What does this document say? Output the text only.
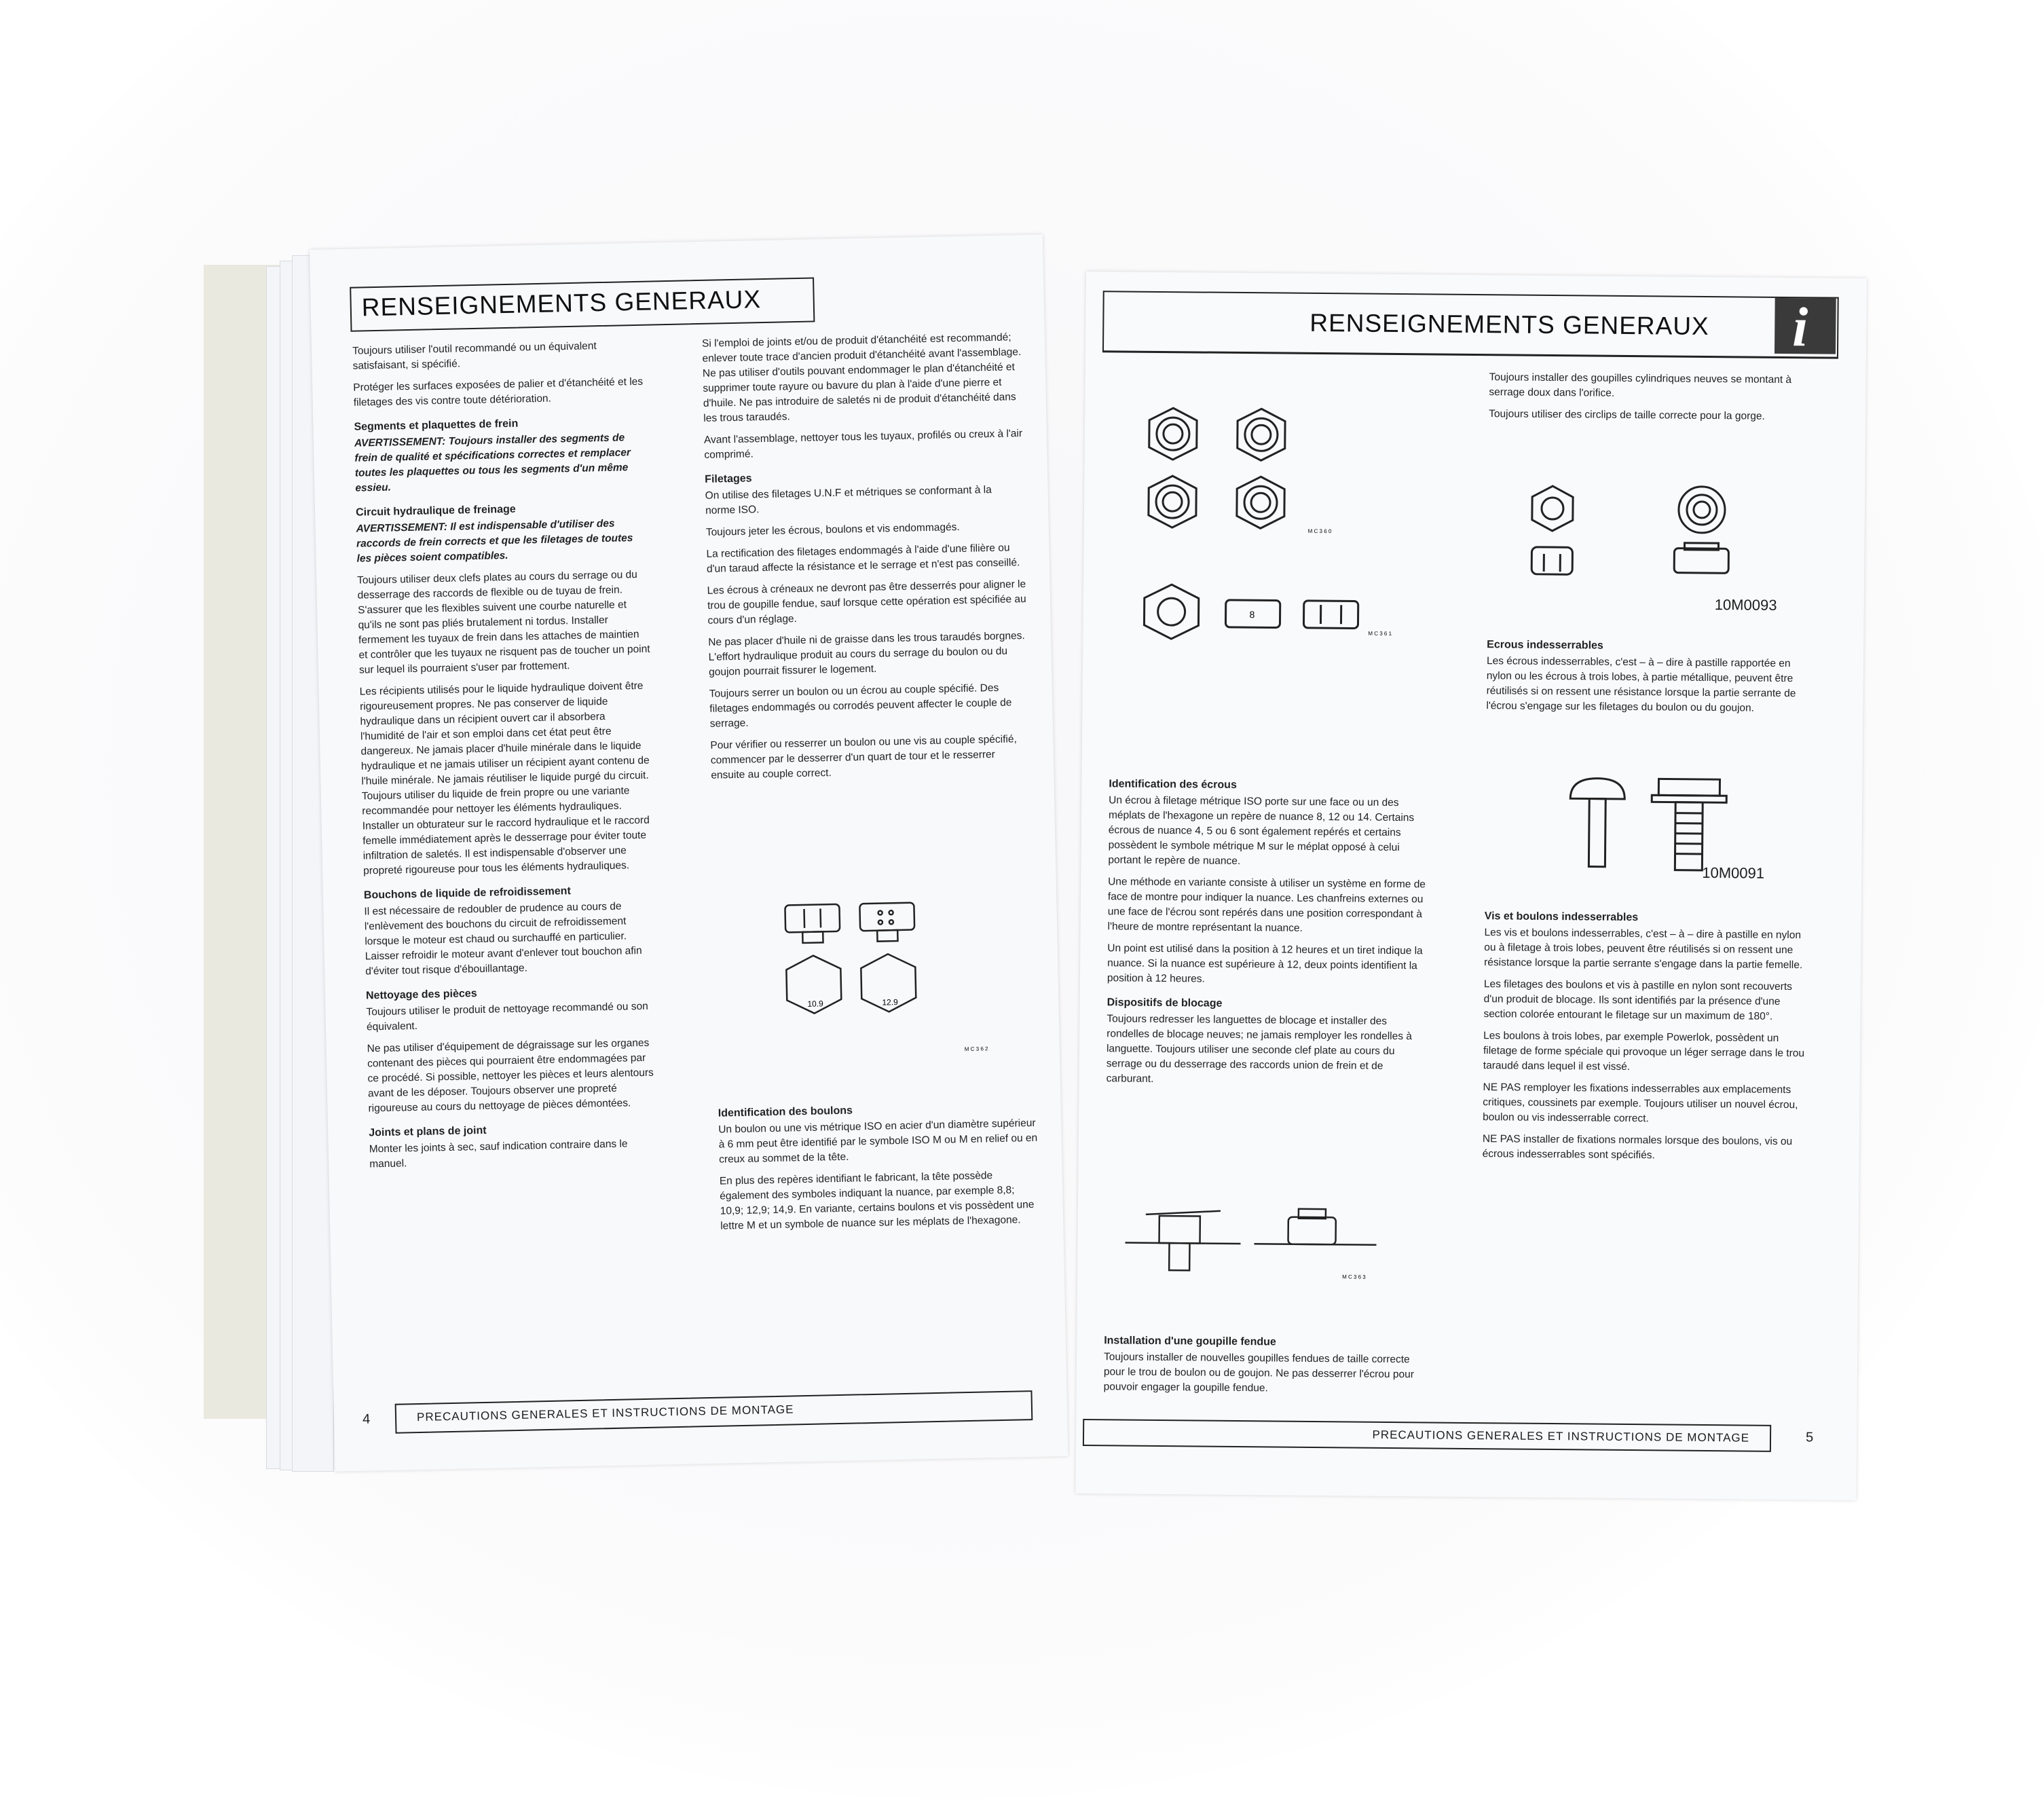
RENSEIGNEMENTS GENERAUX

Toujours utiliser l'outil recommandé ou un équivalent satisfaisant, si spécifié.

Protéger les surfaces exposées de palier et d'étanchéité et les filetages des vis contre toute détérioration.

Segments et plaquettes de frein

AVERTISSEMENT: Toujours installer des segments de frein de qualité et spécifications correctes et remplacer toutes les plaquettes ou tous les segments d'un même essieu.

Circuit hydraulique de freinage

AVERTISSEMENT: Il est indispensable d'utiliser des raccords de frein corrects et que les filetages de toutes les pièces soient compatibles.

Toujours utiliser deux clefs plates au cours du serrage ou du desserrage des raccords de flexible ou de tuyau de frein. S'assurer que les flexibles suivent une courbe naturelle et qu'ils ne sont pas pliés brutalement ni tordus. Installer fermement les tuyaux de frein dans les attaches de maintien et contrôler que les tuyaux ne risquent pas de toucher un point sur lequel ils pourraient s'user par frottement.

Les récipients utilisés pour le liquide hydraulique doivent être rigoureusement propres. Ne pas conserver de liquide hydraulique dans un récipient ouvert car il absorbera l'humidité de l'air et son emploi dans cet état peut être dangereux. Ne jamais placer d'huile minérale dans le liquide hydraulique et ne jamais utiliser un récipient ayant contenu de l'huile minérale. Ne jamais réutiliser le liquide purgé du circuit. Toujours utiliser du liquide de frein propre ou une variante recommandée pour nettoyer les éléments hydrauliques. Installer un obturateur sur le raccord hydraulique et le raccord femelle immédiatement après le desserrage pour éviter toute infiltration de saletés. Il est indispensable d'observer une propreté rigoureuse pour tous les éléments hydrauliques.

Bouchons de liquide de refroidissement

Il est nécessaire de redoubler de prudence au cours de l'enlèvement des bouchons du circuit de refroidissement lorsque le moteur est chaud ou surchauffé en particulier. Laisser refroidir le moteur avant d'enlever tout bouchon afin d'éviter tout risque d'ébouillantage.

Nettoyage des pièces

Toujours utiliser le produit de nettoyage recommandé ou son équivalent.

Ne pas utiliser d'équipement de dégraissage sur les organes contenant des pièces qui pourraient être endommagées par ce procédé. Si possible, nettoyer les pièces et leurs alentours avant de les déposer. Toujours observer une propreté rigoureuse au cours du nettoyage de pièces démontées.

Joints et plans de joint

Monter les joints à sec, sauf indication contraire dans le manuel.

Si l'emploi de joints et/ou de produit d'étanchéité est recommandé; enlever toute trace d'ancien produit d'étanchéité avant l'assemblage. Ne pas utiliser d'outils pouvant endommager le plan d'étanchéité et supprimer toute rayure ou bavure du plan à l'aide d'une pierre et d'huile. Ne pas introduire de saletés ni de produit d'étanchéité dans les trous taraudés.

Avant l'assemblage, nettoyer tous les tuyaux, profilés ou creux à l'air comprimé.

Filetages

On utilise des filetages U.N.F et métriques se conformant à la norme ISO.

Toujours jeter les écrous, boulons et vis endommagés.

La rectification des filetages endommagés à l'aide d'une filière ou d'un taraud affecte la résistance et le serrage et n'est pas conseillé.

Les écrous à créneaux ne devront pas être desserrés pour aligner le trou de goupille fendue, sauf lorsque cette opération est spécifiée au cours d'un réglage.

Ne pas placer d'huile ni de graisse dans les trous taraudés borgnes. L'effort hydraulique produit au cours du serrage du boulon ou du goujon pourrait fissurer le logement.

Toujours serrer un boulon ou un écrou au couple spécifié. Des filetages endommagés ou corrodés peuvent affecter le couple de serrage.

Pour vérifier ou resserrer un boulon ou une vis au couple spécifié, commencer par le desserrer d'un quart de tour et le resserrer ensuite au couple correct.

10.9	12.9
M C 3 6 2
Identification des boulons

Un boulon ou une vis métrique ISO en acier d'un diamètre supérieur à 6 mm peut être identifié par le symbole ISO M ou M en relief ou en creux au sommet de la tête.

En plus des repères identifiant le fabricant, la tête possède également des symboles indiquant la nuance, par exemple 8,8; 10,9; 12,9; 14,9. En variante, certains boulons et vis possèdent une lettre M et un symbole de nuance sur les méplats de l'hexagone.

4	PRECAUTIONS GENERALES ET INSTRUCTIONS DE MONTAGE
RENSEIGNEMENTS GENERAUX i
M C 3 6 0
8
M C 3 6 1
Identification des écrous

Un écrou à filetage métrique ISO porte sur une face ou un des méplats de l'hexagone un repère de nuance 8, 12 ou 14. Certains écrous de nuance 4, 5 ou 6 sont également repérés et certains possèdent le symbole métrique M sur le méplat opposé à celui portant le repère de nuance.

Une méthode en variante consiste à utiliser un système en forme de face de montre pour indiquer la nuance. Les chanfreins externes ou une face de l'écrou sont repérés dans une position correspondant à l'heure de montre représentant la nuance.

Un point est utilisé dans la position à 12 heures et un tiret indique la nuance. Si la nuance est supérieure à 12, deux points identifient la position à 12 heures.

Dispositifs de blocage

Toujours redresser les languettes de blocage et installer des rondelles de blocage neuves; ne jamais remployer les rondelles à languette. Toujours utiliser une seconde clef plate au cours du serrage ou du desserrage des raccords union de frein et de carburant.

M C 3 6 3
Installation d'une goupille fendue

Toujours installer de nouvelles goupilles fendues de taille correcte pour le trou de boulon ou de goujon. Ne pas desserrer l'écrou pour pouvoir engager la goupille fendue.

Toujours installer des goupilles cylindriques neuves se montant à serrage doux dans l'orifice.

Toujours utiliser des circlips de taille correcte pour la gorge.

10M0093
Ecrous indesserrables

Les écrous indesserrables, c'est – à – dire à pastille rapportée en nylon ou les écrous à trois lobes, à partie métallique, peuvent être réutilisés si on ressent une résistance lorsque la partie serrante de l'écrou s'engage sur les filetages du boulon ou du goujon.

10M0091
Vis et boulons indesserrables

Les vis et boulons indesserrables, c'est – à – dire à pastille en nylon ou à filetage à trois lobes, peuvent être réutilisés si on ressent une résistance lorsque la partie serrante s'engage dans la partie femelle.

Les filetages des boulons et vis à pastille en nylon sont recouverts d'un produit de blocage. Ils sont identifiés par la présence d'une section colorée entourant le filetage sur un maximum de 180°.

Les boulons à trois lobes, par exemple Powerlok, possèdent un filetage de forme spéciale qui provoque un léger serrage dans le trou taraudé dans lequel il est vissé.

NE PAS remployer les fixations indesserrables aux emplacements critiques, coussinets par exemple. Toujours utiliser un nouvel écrou, boulon ou vis indesserrable correct.

NE PAS installer de fixations normales lorsque des boulons, vis ou écrous indesserrables sont spécifiés.

PRECAUTIONS GENERALES ET INSTRUCTIONS DE MONTAGE	5
